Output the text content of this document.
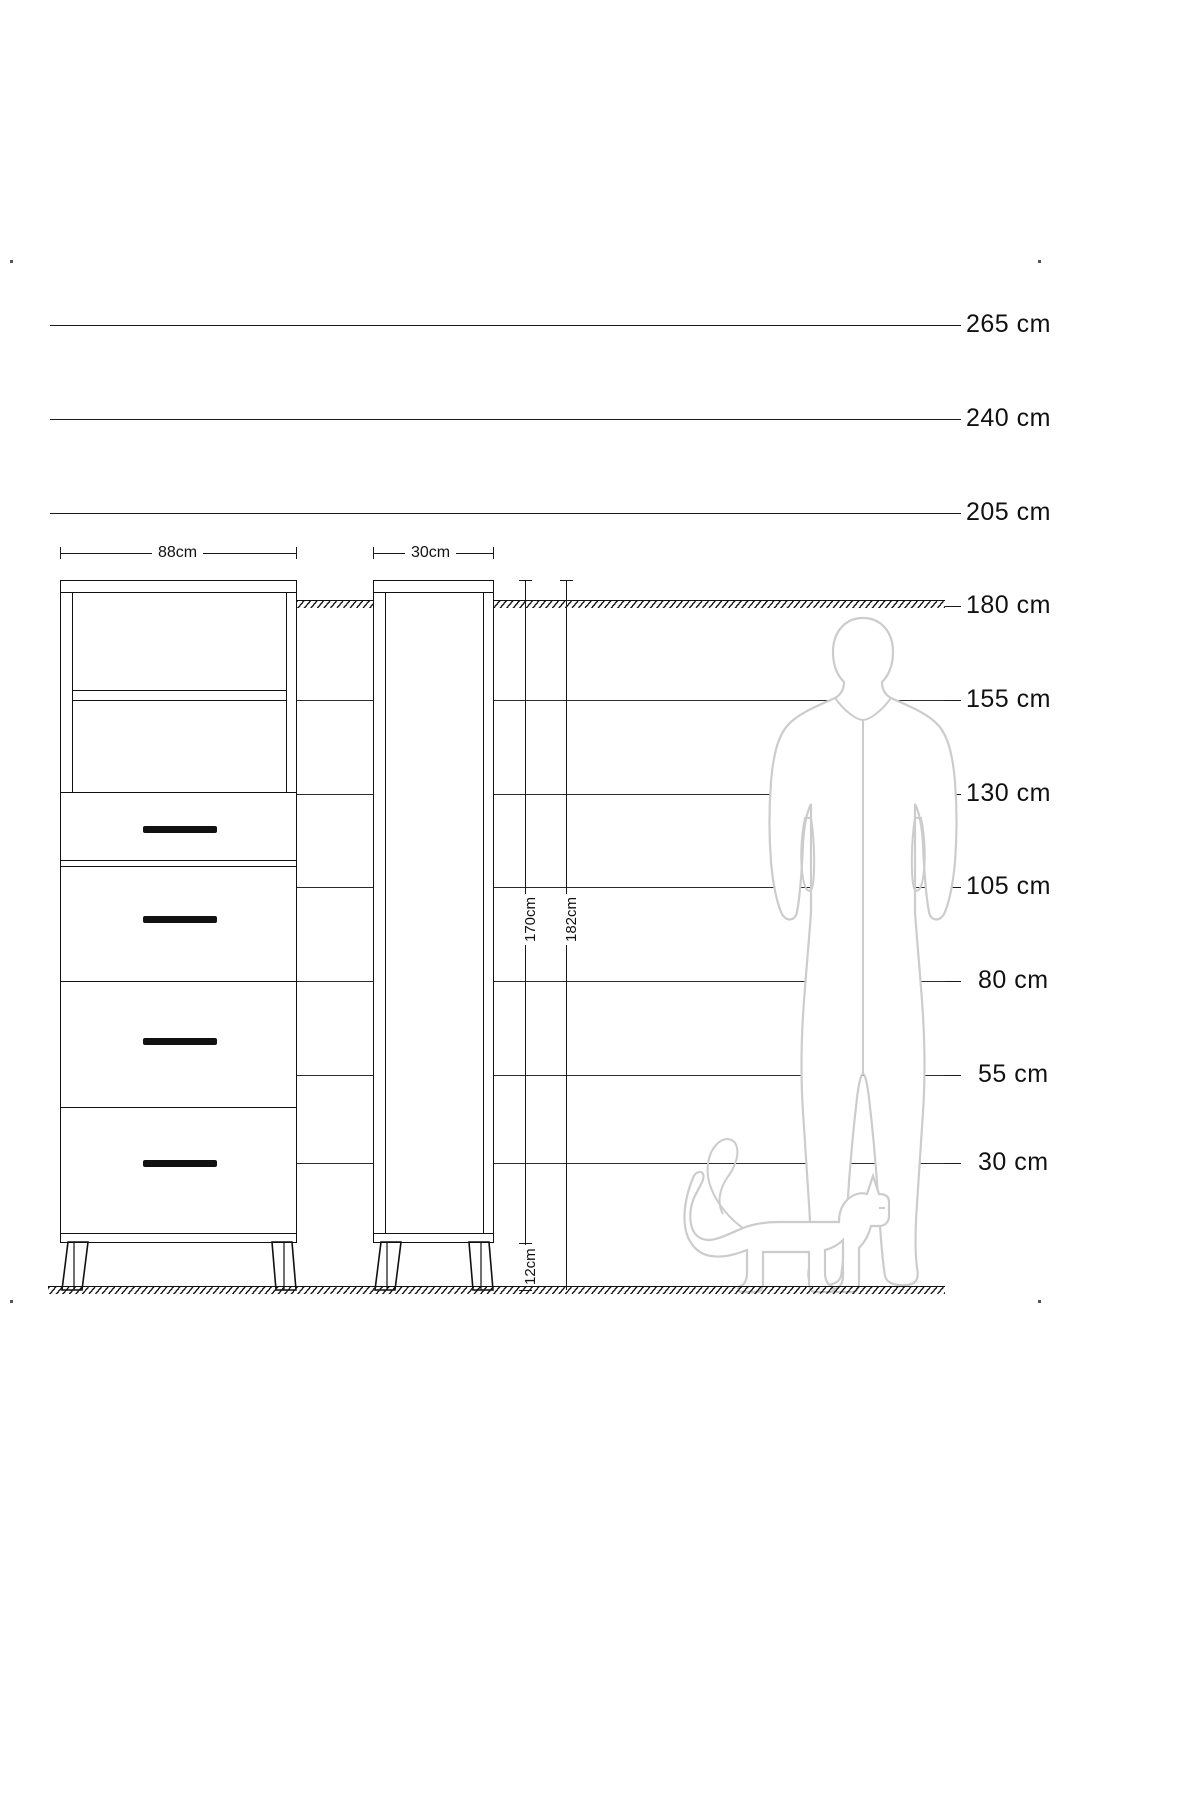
265 cm
240 cm
205 cm
180 cm
155 cm
130 cm
105 cm
80 cm
55 cm
30 cm
88cm	30cm
170cm 182cm
12cm
